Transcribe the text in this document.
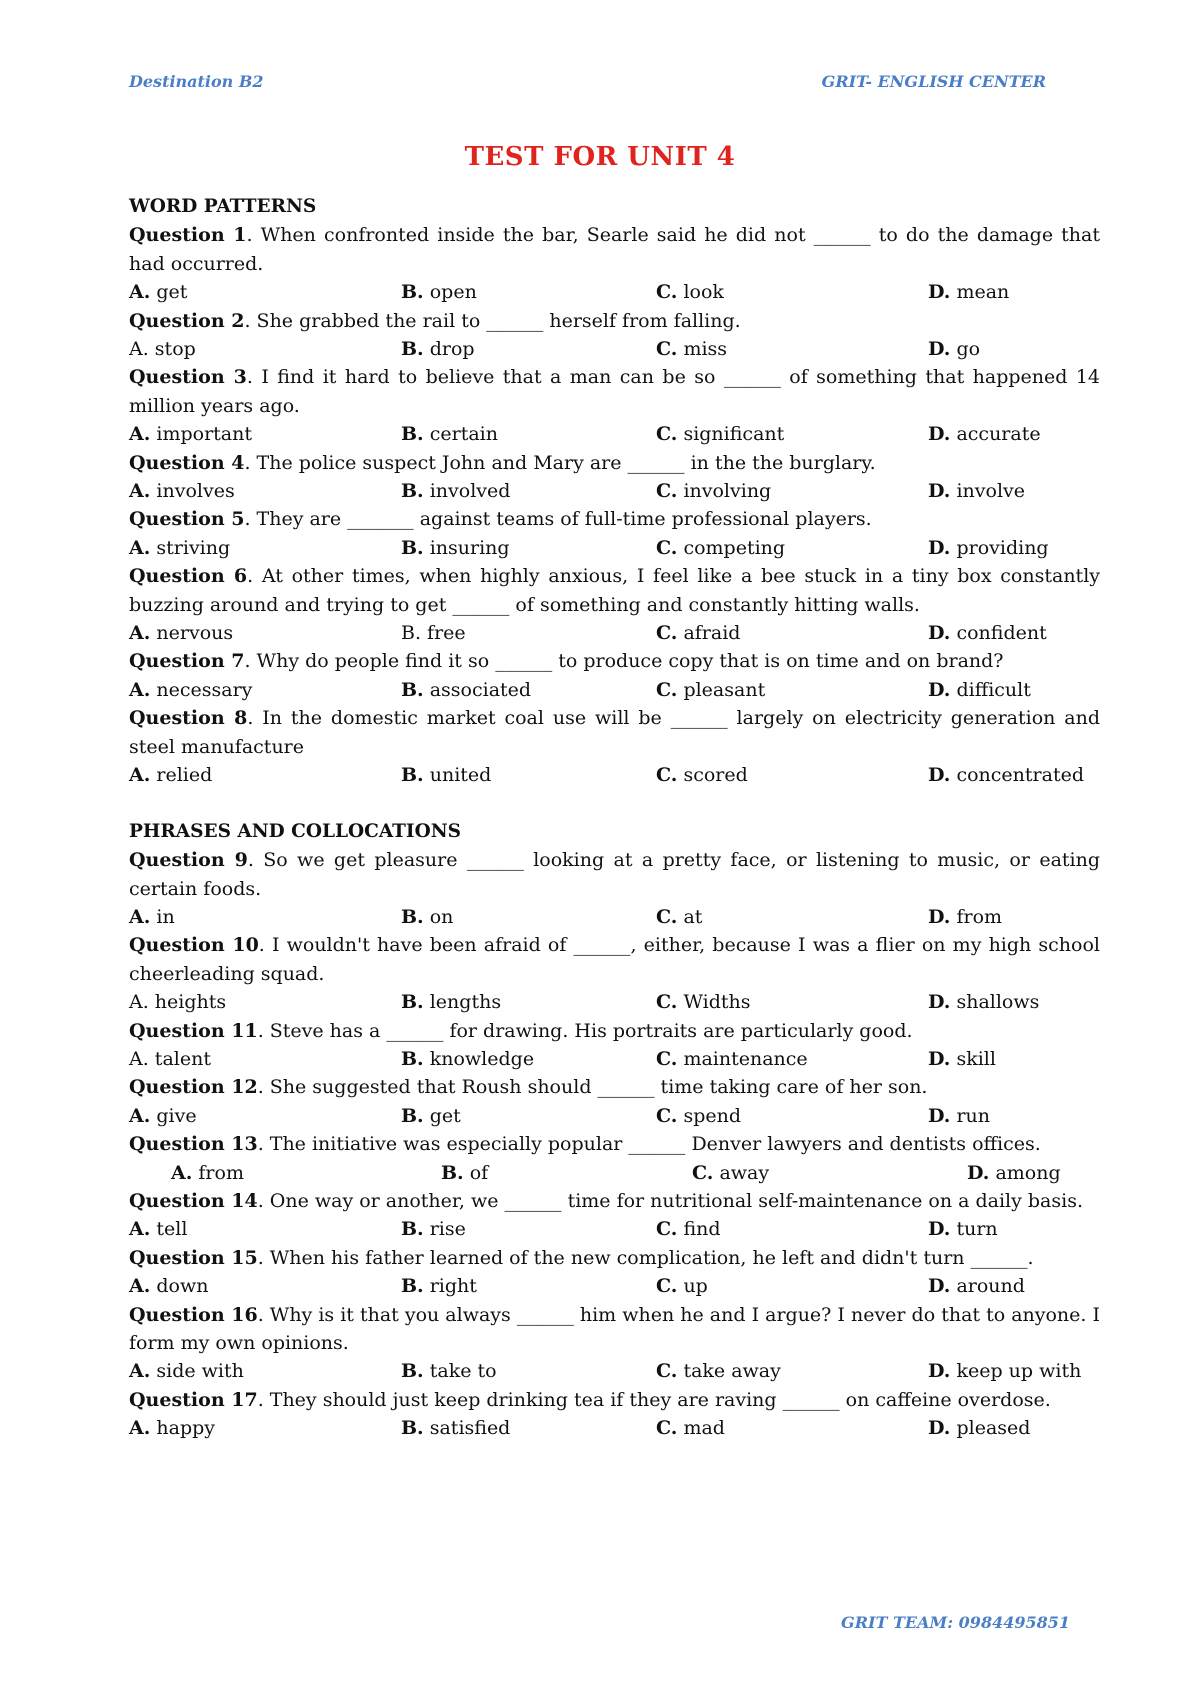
Destination B2	GRIT- ENGLISH CENTER
TEST FOR UNIT 4
WORD PATTERNS
Question 1. When confronted inside the bar, Searle said he did not ______ to do the damage that had occurred.
A. get	B. open	C. look	D. mean
Question 2. She grabbed the rail to ______ herself from falling.
A. stop	B. drop	C. miss	D. go
Question 3. I find it hard to believe that a man can be so ______ of something that happened 14 million years ago.
A. important	B. certain	C. significant	D. accurate
Question 4. The police suspect John and Mary are ______ in the the burglary.
A. involves	B. involved	C. involving	D. involve
Question 5. They are _______ against teams of full-time professional players.
A. striving	B. insuring	C. competing	D. providing
Question 6. At other times, when highly anxious, I feel like a bee stuck in a tiny box constantly buzzing around and trying to get ______ of something and constantly hitting walls.
A. nervous	B. free	C. afraid	D. confident
Question 7. Why do people find it so ______ to produce copy that is on time and on brand?
A. necessary	B. associated	C. pleasant	D. difficult
Question 8. In the domestic market coal use will be ______ largely on electricity generation and steel manufacture
A. relied	B. united	C. scored	D. concentrated
PHRASES AND COLLOCATIONS
Question 9. So we get pleasure ______ looking at a pretty face, or listening to music, or eating certain foods.
A. in	B. on	C. at	D. from
Question 10. I wouldn't have been afraid of ______, either, because I was a flier on my high school cheerleading squad.
A. heights	B. lengths	C. Widths	D. shallows
Question 11. Steve has a ______ for drawing. His portraits are particularly good.
A. talent	B. knowledge	C. maintenance	D. skill
Question 12. She suggested that Roush should ______ time taking care of her son.
A. give	B. get	C. spend	D. run
Question 13. The initiative was especially popular ______ Denver lawyers and dentists offices.
A. from	B. of	C. away	D. among
Question 14. One way or another, we ______ time for nutritional self-maintenance on a daily basis.
A. tell	B. rise	C. find	D. turn
Question 15. When his father learned of the new complication, he left and didn't turn ______.
A. down	B. right	C. up	D. around
Question 16. Why is it that you always ______ him when he and I argue? I never do that to anyone. I form my own opinions.
A. side with	B. take to	C. take away	D. keep up with
Question 17. They should just keep drinking tea if they are raving ______ on caffeine overdose.
A. happy	B. satisfied	C. mad	D. pleased
GRIT TEAM: 0984495851
